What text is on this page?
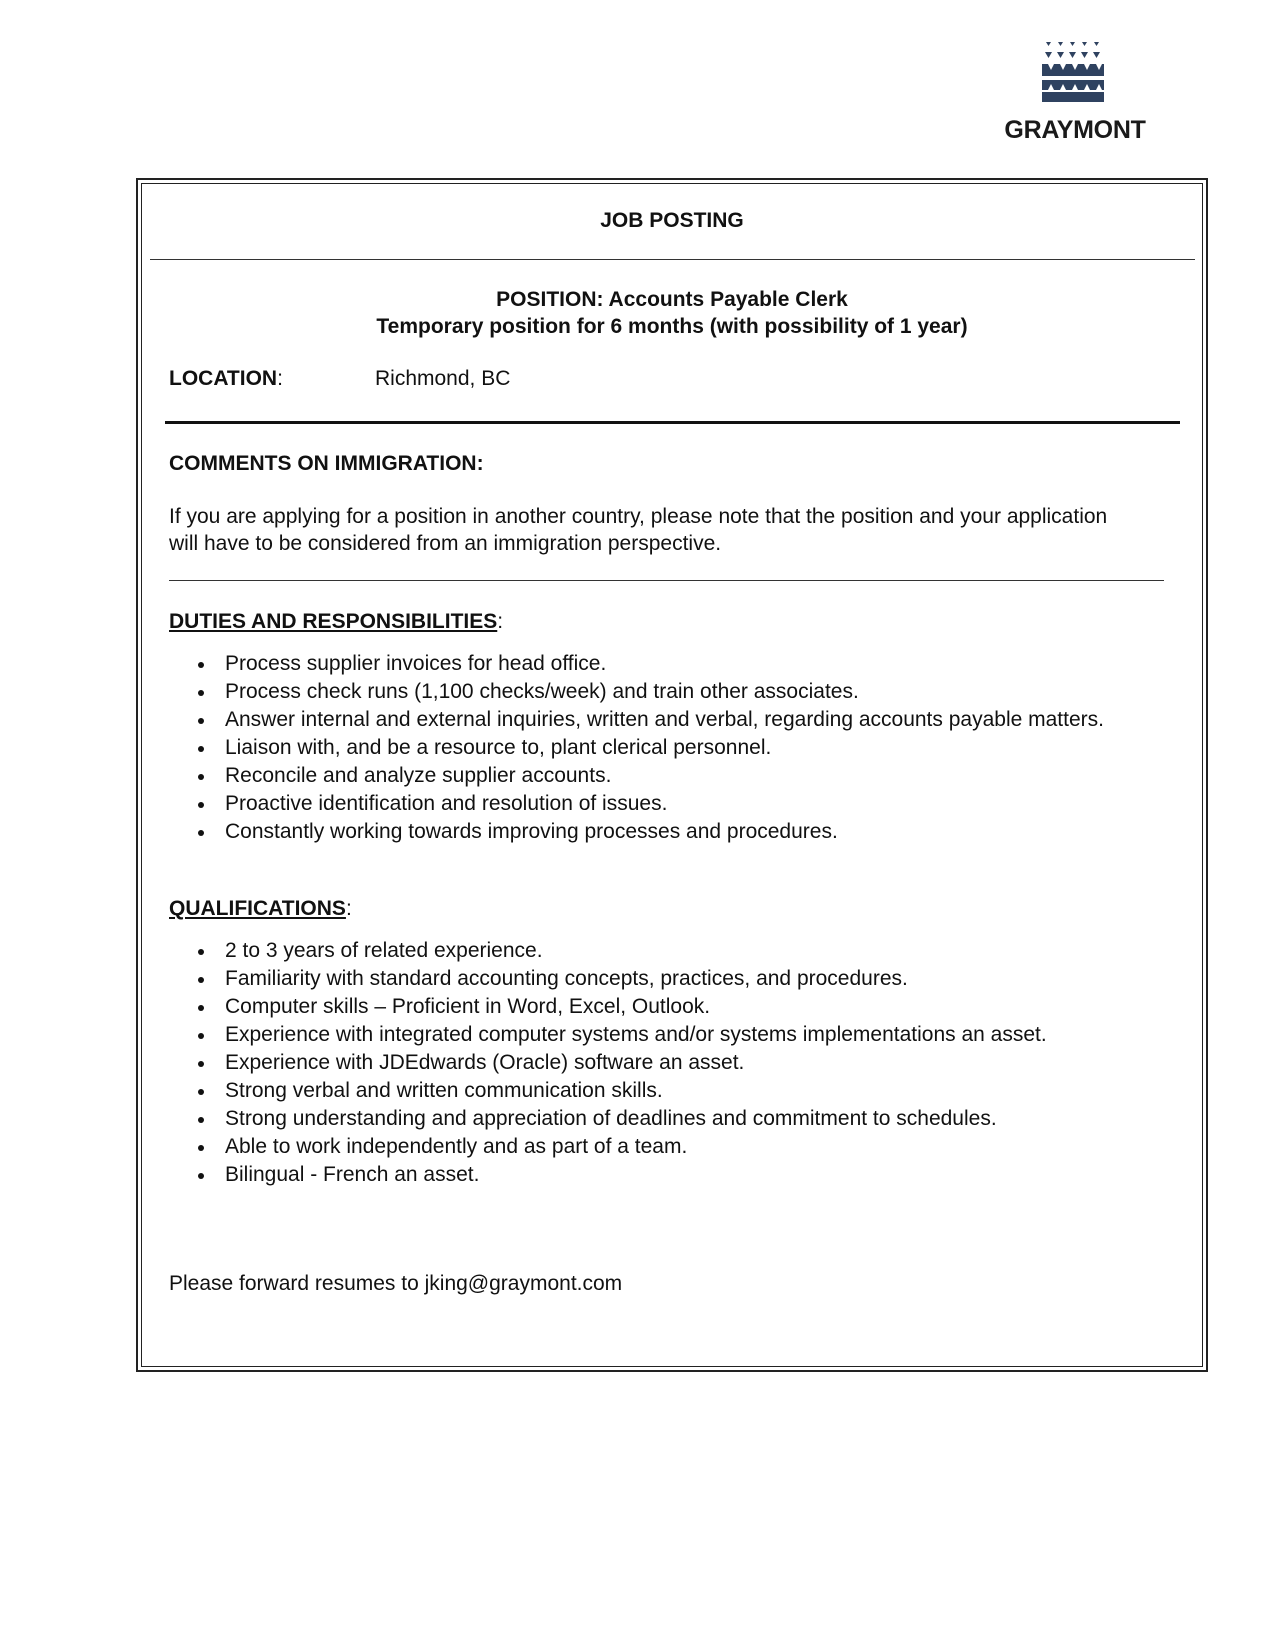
GRAYMONT
JOB POSTING
POSITION: Accounts Payable Clerk
Temporary position for 6 months (with possibility of 1 year)
LOCATION:	Richmond, BC
COMMENTS ON IMMIGRATION:
If you are applying for a position in another country, please note that the position and your application
will have to be considered from an immigration perspective.
DUTIES AND RESPONSIBILITIES:
Process supplier invoices for head office.
Process check runs (1,100 checks/week) and train other associates.
Answer internal and external inquiries, written and verbal, regarding accounts payable matters.
Liaison with, and be a resource to, plant clerical personnel.
Reconcile and analyze supplier accounts.
Proactive identification and resolution of issues.
Constantly working towards improving processes and procedures.
QUALIFICATIONS:
2 to 3 years of related experience.
Familiarity with standard accounting concepts, practices, and procedures.
Computer skills – Proficient in Word, Excel, Outlook.
Experience with integrated computer systems and/or systems implementations an asset.
Experience with JDEdwards (Oracle) software an asset.
Strong verbal and written communication skills.
Strong understanding and appreciation of deadlines and commitment to schedules.
Able to work independently and as part of a team.
Bilingual - French an asset.
Please forward resumes to jking@graymont.com
